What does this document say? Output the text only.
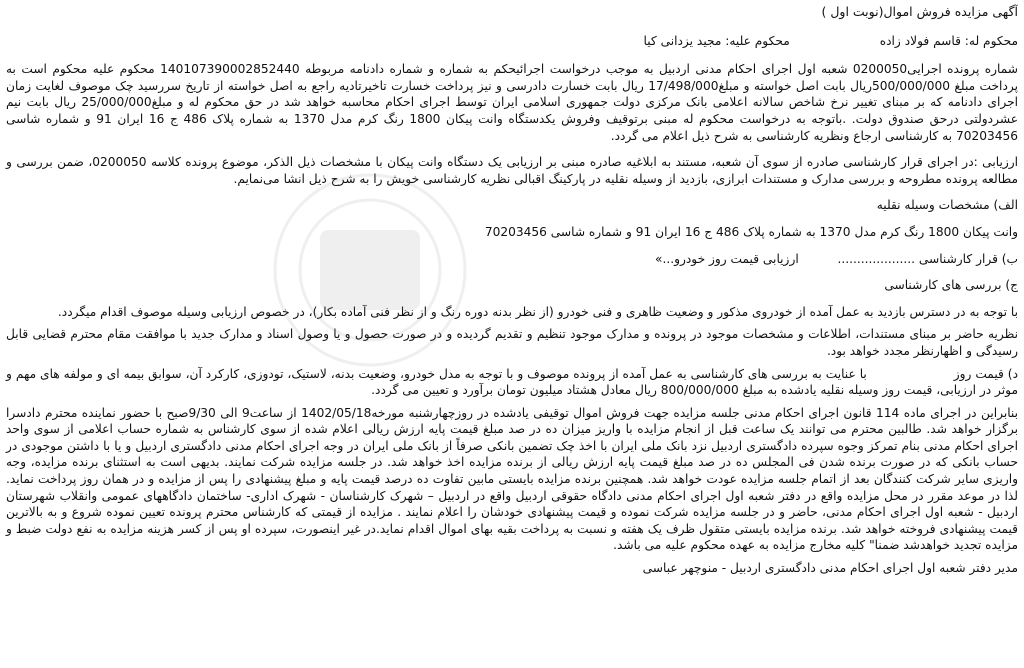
آگهی مزایده فروش اموال(نوبت اول )
محکوم له: قاسم فولاد زاده
محکوم علیه: مجید یزدانی کیا

شماره پرونده اجرایی0200050 شعبه اول اجرای احکام مدنی اردبیل به موجب درخواست اجرائیحکم به شماره و شماره دادنامه مربوطه 140107390002852440 محکوم علیه محکوم است به پرداخت مبلغ 500/000/000ریال بابت اصل خواسته و مبلغ17/498/000 ریال بابت خسارت دادرسی و نیز پرداخت خسارت تاخیرتادیه راجع به اصل خواسته از تاریخ سررسید چک موصوف لغایت زمان اجرای دادنامه که بر مبنای تغییر نرخ شاخص سالانه اعلامی بانک مرکزی دولت جمهوری اسلامی ایران توسط اجرای احکام محاسبه خواهد شد در حق محکوم له و مبلغ25/000/000 ریال بابت نیم عشردولتی درحق صندوق دولت. .باتوجه به درخواست محکوم له مبنی برتوقیف وفروش یکدستگاه وانت پیکان 1800 رنگ کرم مدل 1370 به شماره پلاک 486 ج 16 ایران 91 و شماره شاسی 70203456 به کارشناسی ارجاع ونظریه کارشناسی به شرح ذیل اعلام می گردد.

ارزیابی :در اجرای قرار کارشناسی صادره از سوی آن شعبه، مستند به ابلاغیه صادره مبنی بر ارزیابی یک دستگاه وانت پیکان با مشخصات ذیل الذکر، موضوع پرونده کلاسه 0200050، ضمن بررسی و مطالعه پرونده مطروحه و بررسی مدارک و مستندات ابرازی، بازدید از وسیله نقلیه در پارکینگ اقبالی نظریه کارشناسی خویش را به شرح ذیل انشا می‌نمایم.

الف) مشخصات وسیله نقلیه

وانت پیکان 1800 رنگ کرم مدل 1370 به شماره پلاک 486 ج 16 ایران 91 و شماره شاسی 70203456

ب) قرار کارشناسی ....................          ارزیابی قیمت روز خودرو...»

ج) بررسی های کارشناسی

با توجه به در دسترس بازدید به عمل آمده از خودروی مذکور و وضعیت ظاهری و فنی خودرو (از نظر بدنه دوره رنگ و از نظر فنی آماده بکار)، در خصوص ارزیابی وسیله موصوف اقدام میگردد.

نظریه حاضر بر مبنای مستندات، اطلاعات و مشخصات موجود در پرونده و مدارک موجود تنظیم و تقدیم گردیده و در صورت حصول و یا وصول اسناد و مدارک جدید با موافقت مقام محترم قضایی قابل رسیدگی و اظهارنظر مجدد خواهد بود.

د) قیمت روز                      با عنایت به بررسی های کارشناسی به عمل آمده از پرونده موصوف و با توجه به مدل خودرو، وضعیت بدنه، لاستیک، تودوزی، کارکرد آن، سوابق بیمه ای و مولفه های مهم و موثر در ارزیابی، قیمت روز وسیله نقلیه یادشده به مبلغ 800/000/000 ریال معادل هشتاد میلیون تومان برآورد و تعیین می گردد.

بنابراین در اجرای ماده 114 قانون اجرای احکام مدنی جلسه مزایده جهت فروش اموال توقیفی یادشده در روزچهارشنبه مورخه1402/05/18 از ساعت9 الی 9/30صبح با حضور نماینده محترم دادسرا برگزار خواهد شد. طالبین محترم می توانند یک ساعت قبل از انجام مزایده با واریز میزان ده در صد مبلغ قیمت پایه ارزش ریالی اعلام شده از سوی کارشناس به شماره حساب اعلامی از سوی واحد اجرای احکام مدنی بنام تمرکز وجوه سپرده دادگستری اردبیل نزد بانک ملی ایران با اخذ چک تضمین بانکی صرفاً از بانک ملی ایران در وجه اجرای احکام مدنی دادگستری اردبیل و یا با داشتن موجودی در حساب بانکی که در صورت برنده شدن فی المجلس ده در صد مبلغ قیمت پایه ارزش ریالی از برنده مزایده اخذ خواهد شد. در جلسه مزایده شرکت نمایند. بدیهی است به استثنای برنده مزایده، وجه واریزی سایر شرکت کنندگان بعد از اتمام جلسه مزایده عودت خواهد شد. همچنین برنده مزایده بایستی مابین تفاوت ده درصد قیمت پایه و مبلغ پیشنهادی را پس از مزایده و در همان روز پرداخت نماید. لذا در موعد مقرر در محل مزایده واقع در دفتر شعبه اول اجرای احکام مدنی دادگاه حقوقی اردبیل واقع در اردبیل – شهرک کارشناسان - شهرک اداری- ساختمان دادگاههای عمومی وانقلاب شهرستان اردبیل - شعبه اول اجرای احکام مدنی، حاضر و در جلسه مزایده شرکت نموده و قیمت پیشنهادی خودشان را اعلام نمایند . مزایده از قیمتی که کارشناس محترم پرونده تعیین نموده شروع و به بالاترین قیمت پیشنهادی فروخته خواهد شد. برنده مزایده بایستی متقول ظرف یک هفته و نسبت به پرداخت بقیه بهای اموال اقدام نماید.در غیر اینصورت، سپرده او پس از کسر هزینه مزایده به نفع دولت ضبط و مزایده تجدید خواهدشد ضمنا" کلیه مخارج مزایده به عهده محکوم علیه می باشد.

مدیر دفتر شعبه اول اجرای احکام مدنی دادگستری اردبیل - منوچهر عباسی
